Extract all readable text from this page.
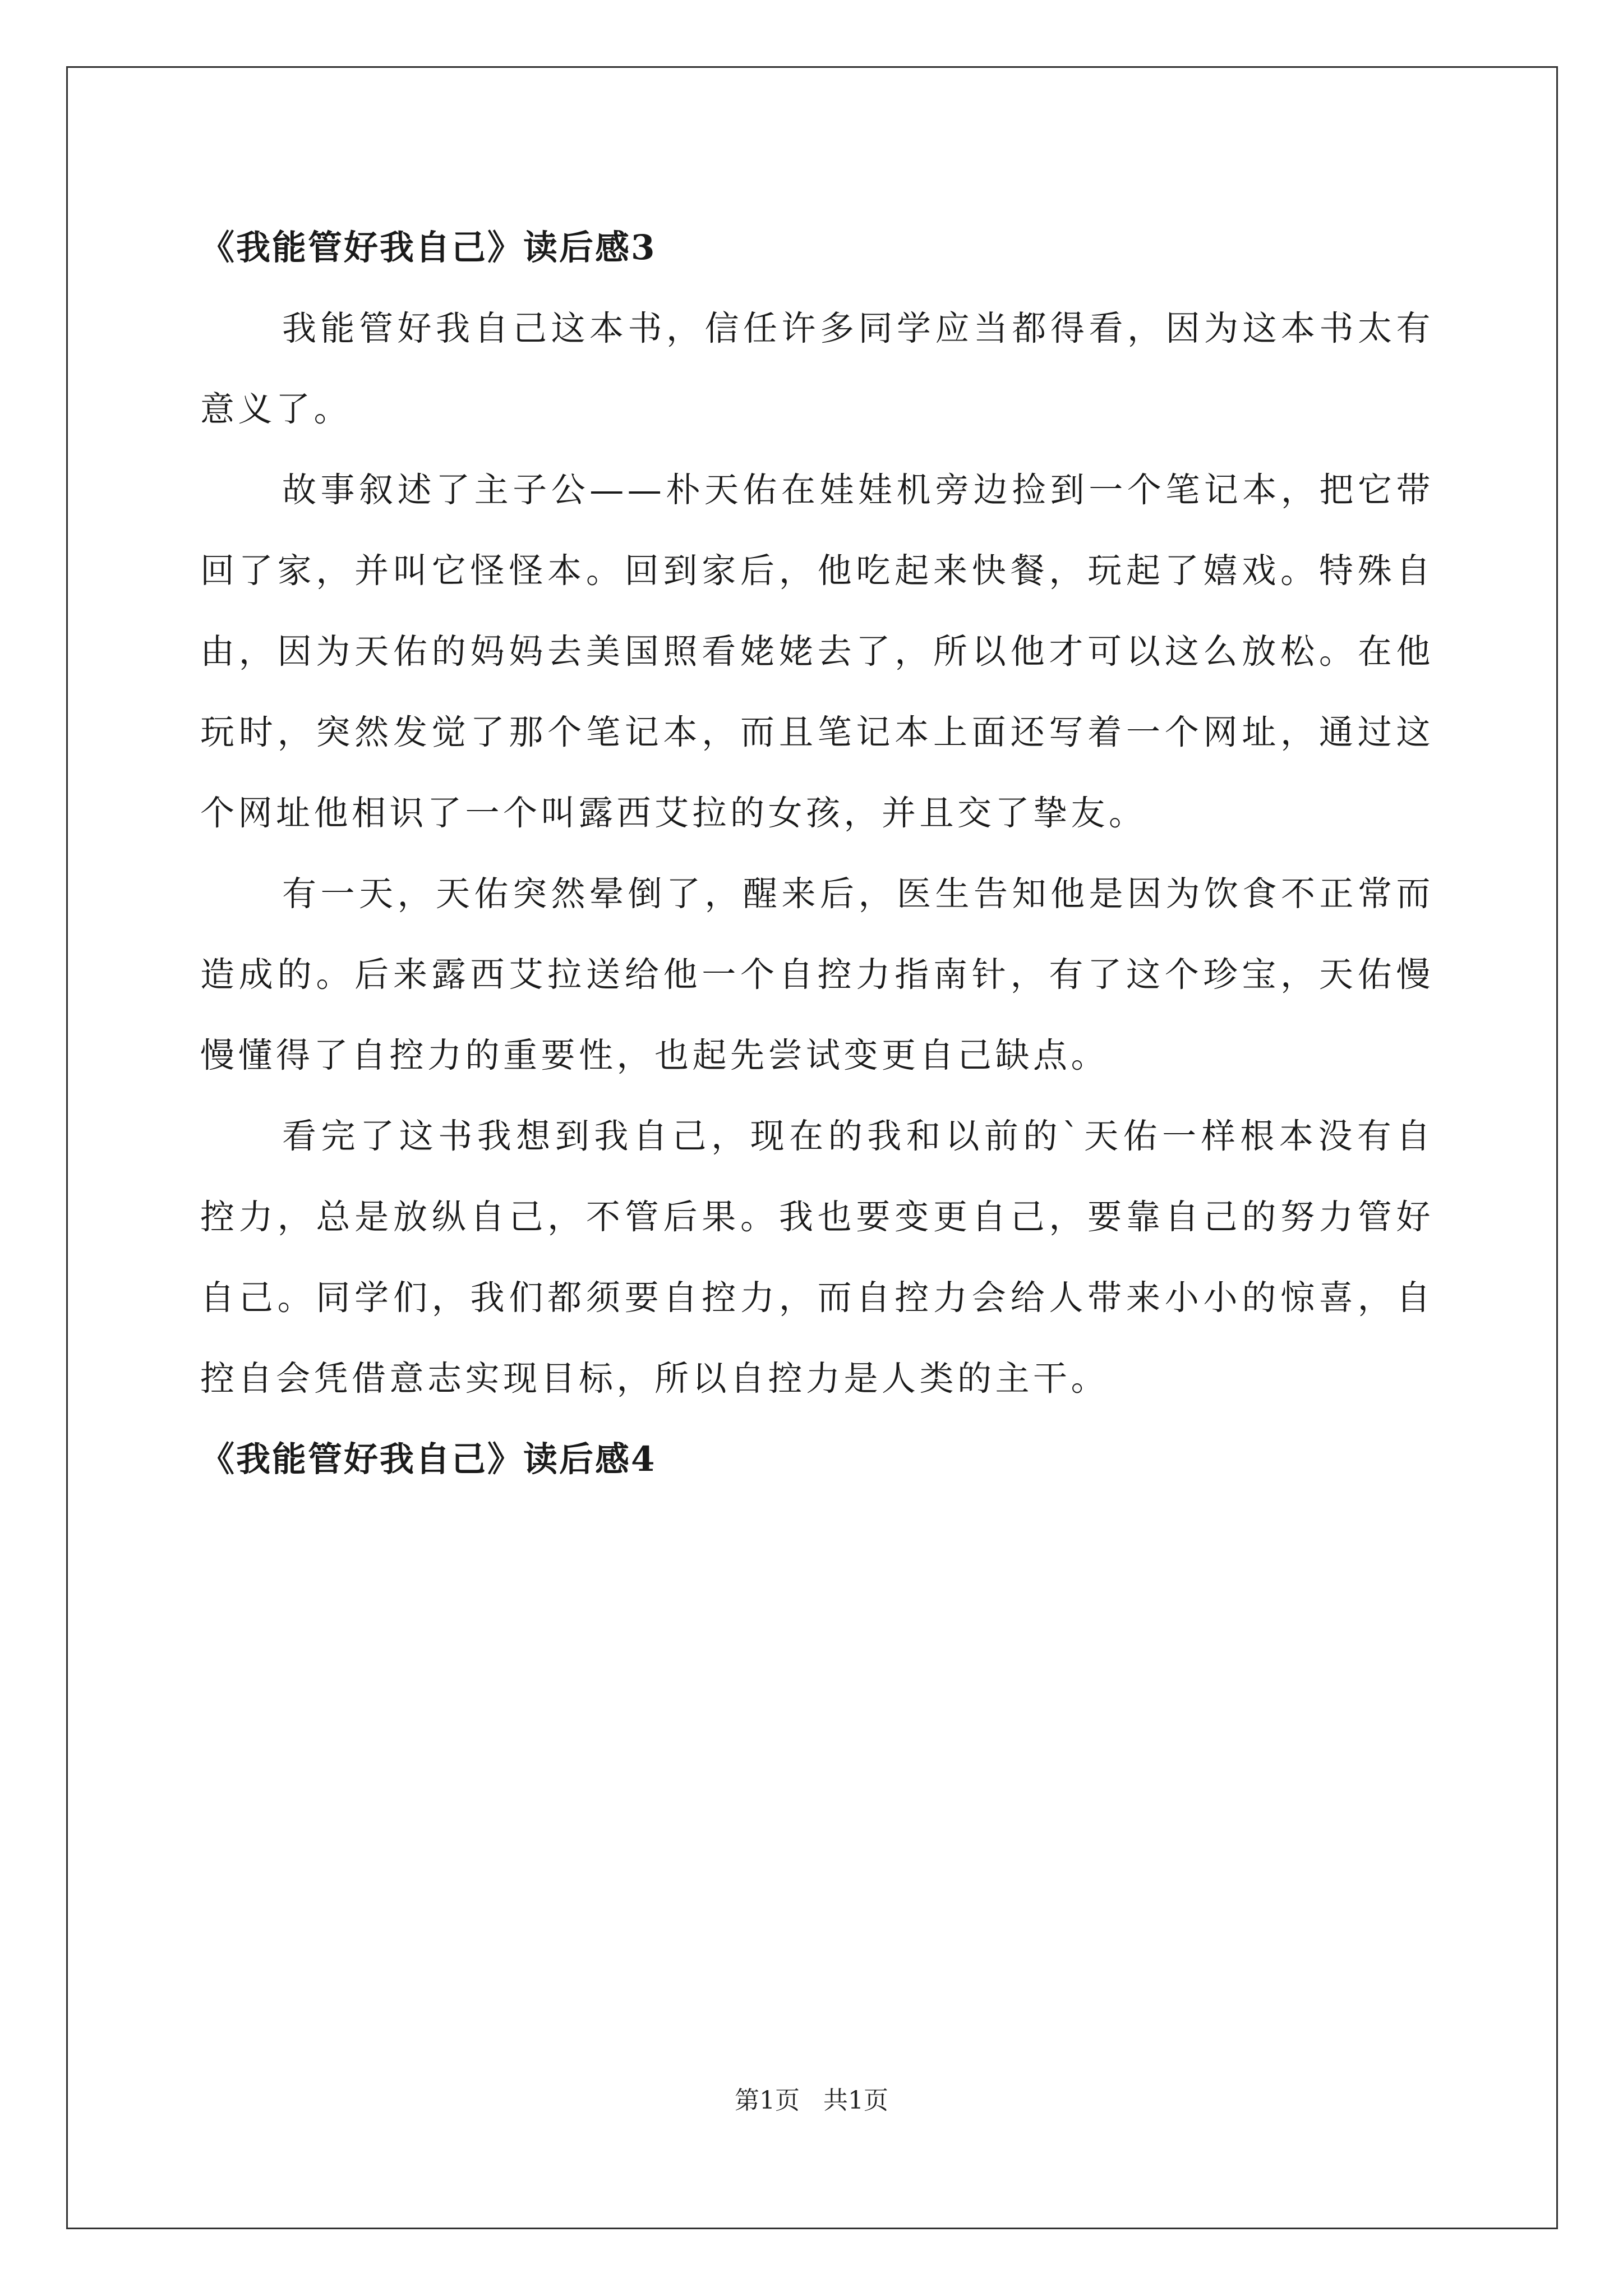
《我能管好我自己》读后感3

我能管好我自己这本书，信任许多同学应当都得看，因为这本书太有意义了。

故事叙述了主子公——朴天佑在娃娃机旁边捡到一个笔记本，把它带回了家，并叫它怪怪本。回到家后，他吃起来快餐，玩起了嬉戏。特殊自由，因为天佑的妈妈去美国照看姥姥去了，所以他才可以这么放松。在他玩时，突然发觉了那个笔记本，而且笔记本上面还写着一个网址，通过这个网址他相识了一个叫露西艾拉的女孩，并且交了挚友。

有一天，天佑突然晕倒了，醒来后，医生告知他是因为饮食不正常而造成的。后来露西艾拉送给他一个自控力指南针，有了这个珍宝，天佑慢慢懂得了自控力的重要性，也起先尝试变更自己缺点。

看完了这书我想到我自己，现在的我和以前的`天佑一样根本没有自控力，总是放纵自己，不管后果。我也要变更自己，要靠自己的努力管好自己。同学们，我们都须要自控力，而自控力会给人带来小小的惊喜，自控自会凭借意志实现目标，所以自控力是人类的主干。

《我能管好我自己》读后感4
第1页   共1页
